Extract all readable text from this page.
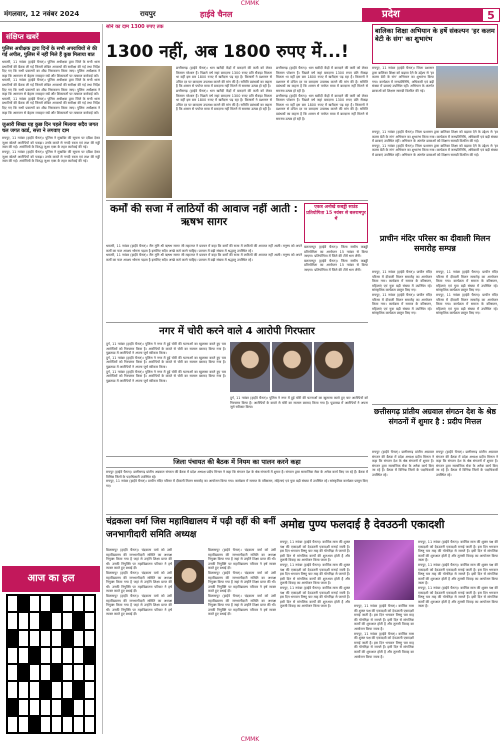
CMMK
मंगलवार, 12 नवंबर 2024	रायपुर	हाईवे चैनल	प्रदेश	5
संक्षिप्त खबरें
पुलिस अधीक्षक द्वारा दिनों के सभी अपराधियों से की गई अपील, पुलिस में नहीं मिले हैं कुछ मिलाया बात
धमतरी, 11 नवंबर (हाईवे चैनल)। पुलिस अधीक्षक द्वारा जिले के सभी थाना प्रभारियों की बैठक ली गई जिसमें लंबित अपराधों की समीक्षा की गई तथा निर्देश दिए गए कि सभी प्रकरणों का शीघ्र निराकरण किया जाए। पुलिस अधीक्षक ने कहा कि आमजन से बेहतर व्यवहार रखें और शिकायतों पर तत्काल कार्रवाई करें।
धमतरी, 11 नवंबर (हाईवे चैनल)। पुलिस अधीक्षक द्वारा जिले के सभी थाना प्रभारियों की बैठक ली गई जिसमें लंबित अपराधों की समीक्षा की गई तथा निर्देश दिए गए कि सभी प्रकरणों का शीघ्र निराकरण किया जाए। पुलिस अधीक्षक ने कहा कि आमजन से बेहतर व्यवहार रखें और शिकायतों पर तत्काल कार्रवाई करें।
धमतरी, 11 नवंबर (हाईवे चैनल)। पुलिस अधीक्षक द्वारा जिले के सभी थाना प्रभारियों की बैठक ली गई जिसमें लंबित अपराधों की समीक्षा की गई तथा निर्देश दिए गए कि सभी प्रकरणों का शीघ्र निराकरण किया जाए। पुलिस अधीक्षक ने कहा कि आमजन से बेहतर व्यवहार रखें और शिकायतों पर तत्काल कार्रवाई करें।
जुआरी सिखा यह कुछ दिन पहले मिलाया सदैव जगत चल जगत कार्ड, सत्ता ने लगवाए दाम
रायपुर, 11 नवंबर (हाईवे चैनल)। पुलिस ने मुखबिर की सूचना पर दबिश देकर जुआ खेलते आरोपियों को पकड़ा। उनके कब्जे से नगदी रकम एवं ताश की गड्डी जब्त की गई। आरोपियों के विरुद्ध जुआ एक्ट के तहत कार्रवाई की गई।
रायपुर, 11 नवंबर (हाईवे चैनल)। पुलिस ने मुखबिर की सूचना पर दबिश देकर जुआ खेलते आरोपियों को पकड़ा। उनके कब्जे से नगदी रकम एवं ताश की गड्डी जब्त की गई। आरोपियों के विरुद्ध जुआ एक्ट के तहत कार्रवाई की गई।
आज का हल
सोने का दाम 1300 रुपए तक
1300 नहीं, अब 1800 रुपए में...!
छत्तीसगढ़ (हाईवे चैनल)। धान खरीदी केंद्रों में बारदाने की कमी को लेकर किसान परेशान हैं। पिछले वर्ष जहां बारदाना 1300 रुपए प्रति सैकड़ा मिलता था वहीं इस बार 1800 रुपए में खरीदना पड़ रहा है। किसानों ने प्रशासन से उचित दर पर बारदाना उपलब्ध कराने की मांग की है। समिति प्रबंधकों का कहना है कि शासन से पर्याप्त मात्रा में बारदाना नहीं मिलने से समस्या उत्पन्न हो रही है।
छत्तीसगढ़ (हाईवे चैनल)। धान खरीदी केंद्रों में बारदाने की कमी को लेकर किसान परेशान हैं। पिछले वर्ष जहां बारदाना 1300 रुपए प्रति सैकड़ा मिलता था वहीं इस बार 1800 रुपए में खरीदना पड़ रहा है। किसानों ने प्रशासन से उचित दर पर बारदाना उपलब्ध कराने की मांग की है। समिति प्रबंधकों का कहना है कि शासन से पर्याप्त मात्रा में बारदाना नहीं मिलने से समस्या उत्पन्न हो रही है।
छत्तीसगढ़ (हाईवे चैनल)। धान खरीदी केंद्रों में बारदाने की कमी को लेकर किसान परेशान हैं। पिछले वर्ष जहां बारदाना 1300 रुपए प्रति सैकड़ा मिलता था वहीं इस बार 1800 रुपए में खरीदना पड़ रहा है। किसानों ने प्रशासन से उचित दर पर बारदाना उपलब्ध कराने की मांग की है। समिति प्रबंधकों का कहना है कि शासन से पर्याप्त मात्रा में बारदाना नहीं मिलने से समस्या उत्पन्न हो रही है।
छत्तीसगढ़ (हाईवे चैनल)। धान खरीदी केंद्रों में बारदाने की कमी को लेकर किसान परेशान हैं। पिछले वर्ष जहां बारदाना 1300 रुपए प्रति सैकड़ा मिलता था वहीं इस बार 1800 रुपए में खरीदना पड़ रहा है। किसानों ने प्रशासन से उचित दर पर बारदाना उपलब्ध कराने की मांग की है। समिति प्रबंधकों का कहना है कि शासन से पर्याप्त मात्रा में बारदाना नहीं मिलने से समस्या उत्पन्न हो रही है।
बालिका शिक्षा अभियान के हर्षे संकल्पन 'हर कलम बेटी के संग' का शुभारंभ
रायपुर, 11 नवंबर (हाईवे चैनल)। जिला प्रशासन द्वारा बालिका शिक्षा को बढ़ावा देने के उद्देश्य से 'हर कलम बेटी के संग' अभियान का शुभारंभ किया गया। कार्यक्रम में जनप्रतिनिधि, अधिकारी एवं बड़ी संख्या में छात्राएं उपस्थित रहीं। अभियान के अंतर्गत छात्राओं को शिक्षण सामग्री वितरित की गई।
रायपुर, 11 नवंबर (हाईवे चैनल)। जिला प्रशासन द्वारा बालिका शिक्षा को बढ़ावा देने के उद्देश्य से 'हर कलम बेटी के संग' अभियान का शुभारंभ किया गया। कार्यक्रम में जनप्रतिनिधि, अधिकारी एवं बड़ी संख्या में छात्राएं उपस्थित रहीं। अभियान के अंतर्गत छात्राओं को शिक्षण सामग्री वितरित की गई।
रायपुर, 11 नवंबर (हाईवे चैनल)। जिला प्रशासन द्वारा बालिका शिक्षा को बढ़ावा देने के उद्देश्य से 'हर कलम बेटी के संग' अभियान का शुभारंभ किया गया। कार्यक्रम में जनप्रतिनिधि, अधिकारी एवं बड़ी संख्या में छात्राएं उपस्थित रहीं। अभियान के अंतर्गत छात्राओं को शिक्षण सामग्री वितरित की गई।
कर्मों की सजा में लाठियों की आवाज नहीं आती : ऋषभ सागर
धमतरी, 11 नवंबर (हाईवे चैनल)। जैन मुनि श्री ऋषभ सागर जी महाराज ने प्रवचन में कहा कि कर्मों की सजा में लाठियों की आवाज नहीं आती। मनुष्य को अपने कर्मों का फल अवश्य भोगना पड़ता है इसलिए सदैव अच्छे कर्म करने चाहिए। प्रवचन में बड़ी संख्या में श्रद्धालु उपस्थित रहे।
धमतरी, 11 नवंबर (हाईवे चैनल)। जैन मुनि श्री ऋषभ सागर जी महाराज ने प्रवचन में कहा कि कर्मों की सजा में लाठियों की आवाज नहीं आती। मनुष्य को अपने कर्मों का फल अवश्य भोगना पड़ता है इसलिए सदैव अच्छे कर्म करने चाहिए। प्रवचन में बड़ी संख्या में श्रद्धालु उपस्थित रहे।
एकत्र अनोखे कबड्डी साउंड प्रतियोगिता 15 नवंबर से बलरामपुर में
बलरामपुर (हाईवे चैनल)। जिला स्तरीय कबड्डी प्रतियोगिता का आयोजन 15 नवंबर से किया जाएगा। प्रतियोगिता में जिले की टीमें भाग लेंगी।
बलरामपुर (हाईवे चैनल)। जिला स्तरीय कबड्डी प्रतियोगिता का आयोजन 15 नवंबर से किया जाएगा। प्रतियोगिता में जिले की टीमें भाग लेंगी।
प्राचीन मंदिर परिसर का दीवाली मिलन समारोह सम्पन्न
रायपुर, 11 नवंबर (हाईवे चैनल)। प्राचीन मंदिर परिसर में दीवाली मिलन समारोह का आयोजन किया गया। कार्यक्रम में समाज के वरिष्ठजन, महिलाएं एवं युवा बड़ी संख्या में उपस्थित रहे। सांस्कृतिक कार्यक्रम प्रस्तुत किए गए।
रायपुर, 11 नवंबर (हाईवे चैनल)। प्राचीन मंदिर परिसर में दीवाली मिलन समारोह का आयोजन किया गया। कार्यक्रम में समाज के वरिष्ठजन, महिलाएं एवं युवा बड़ी संख्या में उपस्थित रहे। सांस्कृतिक कार्यक्रम प्रस्तुत किए गए।
रायपुर, 11 नवंबर (हाईवे चैनल)। प्राचीन मंदिर परिसर में दीवाली मिलन समारोह का आयोजन किया गया। कार्यक्रम में समाज के वरिष्ठजन, महिलाएं एवं युवा बड़ी संख्या में उपस्थित रहे। सांस्कृतिक कार्यक्रम प्रस्तुत किए गए।
रायपुर, 11 नवंबर (हाईवे चैनल)। प्राचीन मंदिर परिसर में दीवाली मिलन समारोह का आयोजन किया गया। कार्यक्रम में समाज के वरिष्ठजन, महिलाएं एवं युवा बड़ी संख्या में उपस्थित रहे। सांस्कृतिक कार्यक्रम प्रस्तुत किए गए।
नगर में चोरी करने वाले 4 आरोपी गिरफ्तार
दुर्ग, 11 नवंबर (हाईवे चैनल)। पुलिस ने नगर में हुई चोरी की घटनाओं का खुलासा करते हुए चार आरोपियों को गिरफ्तार किया है। आरोपियों के कब्जे से चोरी का सामान बरामद किया गया है। पूछताछ में आरोपियों ने अपना जुर्म स्वीकार किया।
दुर्ग, 11 नवंबर (हाईवे चैनल)। पुलिस ने नगर में हुई चोरी की घटनाओं का खुलासा करते हुए चार आरोपियों को गिरफ्तार किया है। आरोपियों के कब्जे से चोरी का सामान बरामद किया गया है। पूछताछ में आरोपियों ने अपना जुर्म स्वीकार किया।
दुर्ग, 11 नवंबर (हाईवे चैनल)। पुलिस ने नगर में हुई चोरी की घटनाओं का खुलासा करते हुए चार आरोपियों को गिरफ्तार किया है। आरोपियों के कब्जे से चोरी का सामान बरामद किया गया है। पूछताछ में आरोपियों ने अपना जुर्म स्वीकार किया।
दुर्ग, 11 नवंबर (हाईवे चैनल)। पुलिस ने नगर में हुई चोरी की घटनाओं का खुलासा करते हुए चार आरोपियों को गिरफ्तार किया है। आरोपियों के कब्जे से चोरी का सामान बरामद किया गया है। पूछताछ में आरोपियों ने अपना जुर्म स्वीकार किया।
जिला पंचायत की बैठक में नियम का पालन करने कहा
रायपुर (हाईवे चैनल)। छत्तीसगढ़ प्रांतीय अग्रवाल संगठन की बैठक में प्रदेश अध्यक्ष प्रदीप मित्तल ने कहा कि संगठन देश के श्रेष्ठ संगठनों में शुमार है। संगठन द्वारा सामाजिक सेवा के अनेक कार्य किए जा रहे हैं। बैठक में विभिन्न जिलों के पदाधिकारी उपस्थित रहे।
रायपुर, 11 नवंबर (हाईवे चैनल)। प्राचीन मंदिर परिसर में दीवाली मिलन समारोह का आयोजन किया गया। कार्यक्रम में समाज के वरिष्ठजन, महिलाएं एवं युवा बड़ी संख्या में उपस्थित रहे। सांस्कृतिक कार्यक्रम प्रस्तुत किए गए।
छत्तीसगढ़ प्रांतीय अग्रवाल संगठन देश के श्रेष्ठ संगठनों में शुमार है : प्रदीप मित्तल
रायपुर (हाईवे चैनल)। छत्तीसगढ़ प्रांतीय अग्रवाल संगठन की बैठक में प्रदेश अध्यक्ष प्रदीप मित्तल ने कहा कि संगठन देश के श्रेष्ठ संगठनों में शुमार है। संगठन द्वारा सामाजिक सेवा के अनेक कार्य किए जा रहे हैं। बैठक में विभिन्न जिलों के पदाधिकारी उपस्थित रहे।
रायपुर (हाईवे चैनल)। छत्तीसगढ़ प्रांतीय अग्रवाल संगठन की बैठक में प्रदेश अध्यक्ष प्रदीप मित्तल ने कहा कि संगठन देश के श्रेष्ठ संगठनों में शुमार है। संगठन द्वारा सामाजिक सेवा के अनेक कार्य किए जा रहे हैं। बैठक में विभिन्न जिलों के पदाधिकारी उपस्थित रहे।
चंद्रकला वर्मा जिस महाविद्यालय में पढ़ी वहीं की बनीं जनभागीदारी समिति अध्यक्ष
बिलासपुर (हाईवे चैनल)। चंद्रकला वर्मा को उसी महाविद्यालय की जनभागीदारी समिति का अध्यक्ष नियुक्त किया गया है जहां से उन्होंने शिक्षा प्राप्त की थी। उनकी नियुक्ति पर महाविद्यालय परिवार ने हर्ष व्यक्त करते हुए बधाई दी।
बिलासपुर (हाईवे चैनल)। चंद्रकला वर्मा को उसी महाविद्यालय की जनभागीदारी समिति का अध्यक्ष नियुक्त किया गया है जहां से उन्होंने शिक्षा प्राप्त की थी। उनकी नियुक्ति पर महाविद्यालय परिवार ने हर्ष व्यक्त करते हुए बधाई दी।
बिलासपुर (हाईवे चैनल)। चंद्रकला वर्मा को उसी महाविद्यालय की जनभागीदारी समिति का अध्यक्ष नियुक्त किया गया है जहां से उन्होंने शिक्षा प्राप्त की थी। उनकी नियुक्ति पर महाविद्यालय परिवार ने हर्ष व्यक्त करते हुए बधाई दी।
बिलासपुर (हाईवे चैनल)। चंद्रकला वर्मा को उसी महाविद्यालय की जनभागीदारी समिति का अध्यक्ष नियुक्त किया गया है जहां से उन्होंने शिक्षा प्राप्त की थी। उनकी नियुक्ति पर महाविद्यालय परिवार ने हर्ष व्यक्त करते हुए बधाई दी।
बिलासपुर (हाईवे चैनल)। चंद्रकला वर्मा को उसी महाविद्यालय की जनभागीदारी समिति का अध्यक्ष नियुक्त किया गया है जहां से उन्होंने शिक्षा प्राप्त की थी। उनकी नियुक्ति पर महाविद्यालय परिवार ने हर्ष व्यक्त करते हुए बधाई दी।
बिलासपुर (हाईवे चैनल)। चंद्रकला वर्मा को उसी महाविद्यालय की जनभागीदारी समिति का अध्यक्ष नियुक्त किया गया है जहां से उन्होंने शिक्षा प्राप्त की थी। उनकी नियुक्ति पर महाविद्यालय परिवार ने हर्ष व्यक्त करते हुए बधाई दी।
अमोद्य पुण्य फलदाई है देवउठनी एकादशी
रायपुर, 11 नवंबर (हाईवे चैनल)। कार्तिक मास की शुक्ल पक्ष की एकादशी को देवउठनी एकादशी मनाई जाती है। इस दिन भगवान विष्णु चार माह की योगनिद्रा से जागते हैं। इसी दिन से मांगलिक कार्यों की शुरुआत होती है और तुलसी विवाह का आयोजन किया जाता है।
रायपुर, 11 नवंबर (हाईवे चैनल)। कार्तिक मास की शुक्ल पक्ष की एकादशी को देवउठनी एकादशी मनाई जाती है। इस दिन भगवान विष्णु चार माह की योगनिद्रा से जागते हैं। इसी दिन से मांगलिक कार्यों की शुरुआत होती है और तुलसी विवाह का आयोजन किया जाता है।
रायपुर, 11 नवंबर (हाईवे चैनल)। कार्तिक मास की शुक्ल पक्ष की एकादशी को देवउठनी एकादशी मनाई जाती है। इस दिन भगवान विष्णु चार माह की योगनिद्रा से जागते हैं। इसी दिन से मांगलिक कार्यों की शुरुआत होती है और तुलसी विवाह का आयोजन किया जाता है।	रायपुर, 11 नवंबर (हाईवे चैनल)। कार्तिक मास की शुक्ल पक्ष की एकादशी को देवउठनी एकादशी मनाई जाती है। इस दिन भगवान विष्णु चार माह की योगनिद्रा से जागते हैं। इसी दिन से मांगलिक कार्यों की शुरुआत होती है और तुलसी विवाह का आयोजन किया जाता है।
रायपुर, 11 नवंबर (हाईवे चैनल)। कार्तिक मास की शुक्ल पक्ष की एकादशी को देवउठनी एकादशी मनाई जाती है। इस दिन भगवान विष्णु चार माह की योगनिद्रा से जागते हैं। इसी दिन से मांगलिक कार्यों की शुरुआत होती है और तुलसी विवाह का आयोजन किया जाता है।
रायपुर, 11 नवंबर (हाईवे चैनल)। कार्तिक मास की शुक्ल पक्ष की एकादशी को देवउठनी एकादशी मनाई जाती है। इस दिन भगवान विष्णु चार माह की योगनिद्रा से जागते हैं। इसी दिन से मांगलिक कार्यों की शुरुआत होती है और तुलसी विवाह का आयोजन किया जाता है।
रायपुर, 11 नवंबर (हाईवे चैनल)। कार्तिक मास की शुक्ल पक्ष की एकादशी को देवउठनी एकादशी मनाई जाती है। इस दिन भगवान विष्णु चार माह की योगनिद्रा से जागते हैं। इसी दिन से मांगलिक कार्यों की शुरुआत होती है और तुलसी विवाह का आयोजन किया जाता है।
रायपुर, 11 नवंबर (हाईवे चैनल)। कार्तिक मास की शुक्ल पक्ष की एकादशी को देवउठनी एकादशी मनाई जाती है। इस दिन भगवान विष्णु चार माह की योगनिद्रा से जागते हैं। इसी दिन से मांगलिक कार्यों की शुरुआत होती है और तुलसी विवाह का आयोजन किया जाता है।
CMMK
